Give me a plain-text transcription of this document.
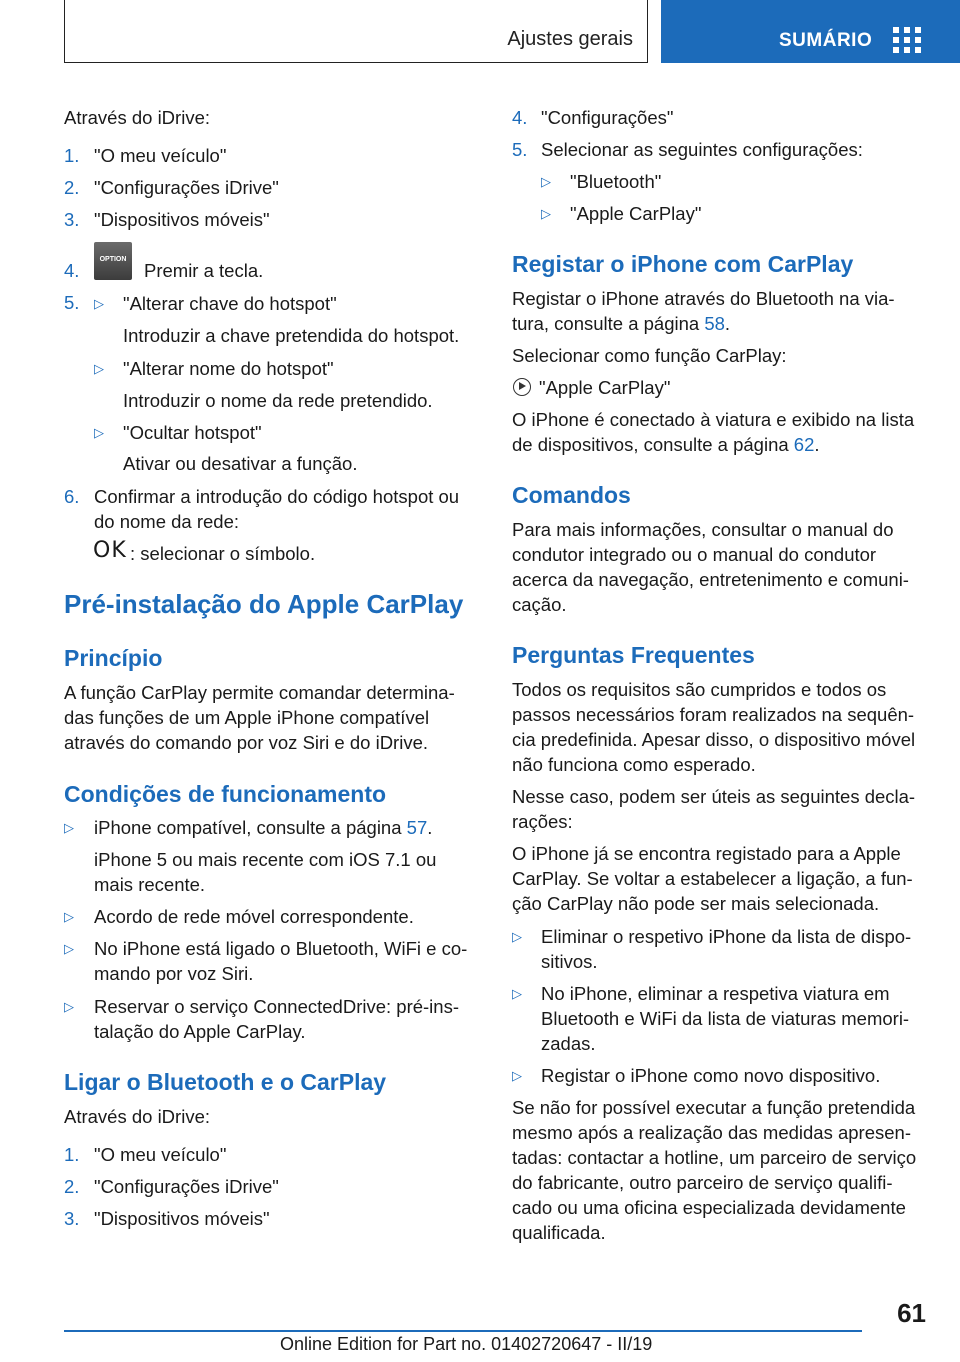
Ajustes gerais	SUMÁRIO
Através do iDrive:
1. "O meu veículo"
2. "Configurações iDrive"
3. "Dispositivos móveis"
4.
OPTION
Premir a tecla.
5. ▷ "Alterar chave do hotspot"
Introduzir a chave pretendida do hotspot.
▷ "Alterar nome do hotspot"
Introduzir o nome da rede pretendido.
▷ "Ocultar hotspot"
Ativar ou desativar a função.
6. Confirmar a introdução do código hotspot ou
do nome da rede:
OK : selecionar o símbolo.
Pré-instalação do Apple CarPlay
Princípio
A função CarPlay permite comandar determina-
das funções de um Apple iPhone compatível
através do comando por voz Siri e do iDrive.
Condições de funcionamento
▷ iPhone compatível, consulte a página 57.
iPhone 5 ou mais recente com iOS 7.1 ou
mais recente.
▷ Acordo de rede móvel correspondente.
▷ No iPhone está ligado o Bluetooth, WiFi e co-
mando por voz Siri.
▷ Reservar o serviço ConnectedDrive: pré-ins-
talação do Apple CarPlay.
Ligar o Bluetooth e o CarPlay
Através do iDrive:
1. "O meu veículo"
2. "Configurações iDrive"
3. "Dispositivos móveis"
4. "Configurações"
5. Selecionar as seguintes configurações:
▷ "Bluetooth"
▷ "Apple CarPlay"
Registar o iPhone com CarPlay
Registar o iPhone através do Bluetooth na via-
tura, consulte a página 58.
Selecionar como função CarPlay:
"Apple CarPlay"
O iPhone é conectado à viatura e exibido na lista
de dispositivos, consulte a página 62.
Comandos
Para mais informações, consultar o manual do
condutor integrado ou o manual do condutor
acerca da navegação, entretenimento e comuni-
cação.
Perguntas Frequentes
Todos os requisitos são cumpridos e todos os
passos necessários foram realizados na sequên-
cia predefinida. Apesar disso, o dispositivo móvel
não funciona como esperado.
Nesse caso, podem ser úteis as seguintes decla-
rações:
O iPhone já se encontra registado para a Apple
CarPlay. Se voltar a estabelecer a ligação, a fun-
ção CarPlay não pode ser mais selecionada.
▷ Eliminar o respetivo iPhone da lista de dispo-
sitivos.
▷ No iPhone, eliminar a respetiva viatura em
Bluetooth e WiFi da lista de viaturas memori-
zadas.
▷ Registar o iPhone como novo dispositivo.
Se não for possível executar a função pretendida
mesmo após a realização das medidas apresen-
tadas: contactar a hotline, um parceiro de serviço
do fabricante, outro parceiro de serviço qualifi-
cado ou uma oficina especializada devidamente
qualificada.
61
Online Edition for Part no. 01402720647 - II/19
